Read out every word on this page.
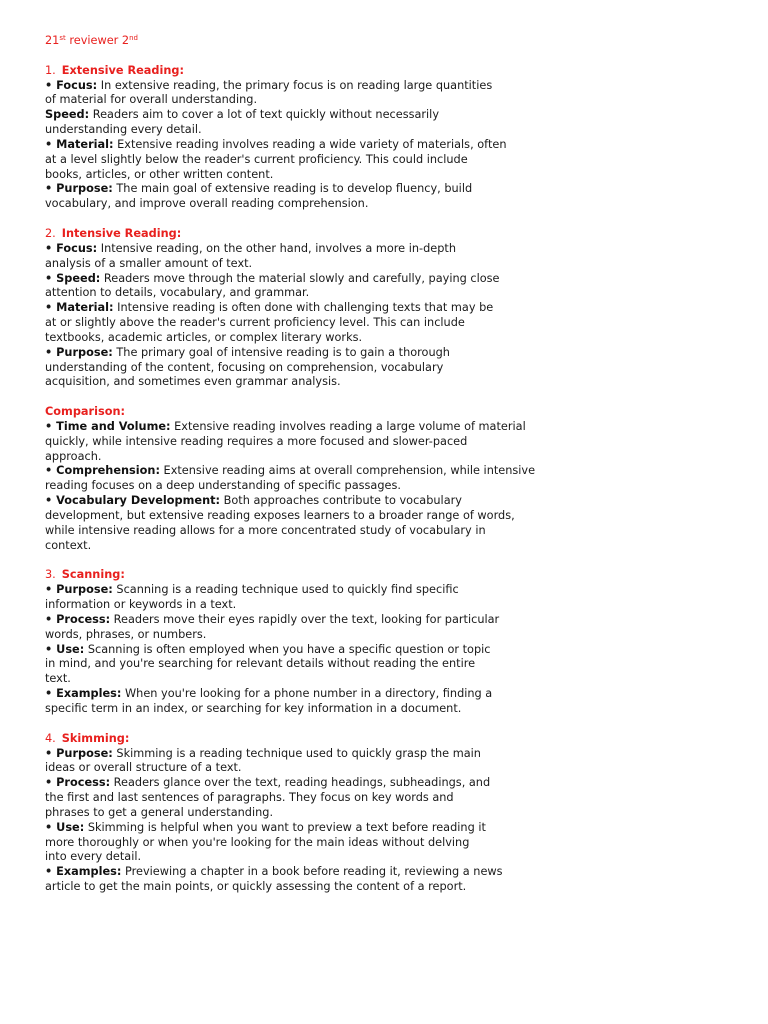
21st reviewer 2nd
1. Extensive Reading:
• Focus: In extensive reading, the primary focus is on reading large quantities
of material for overall understanding.
Speed: Readers aim to cover a lot of text quickly without necessarily
understanding every detail.
• Material: Extensive reading involves reading a wide variety of materials, often
at a level slightly below the reader's current proficiency. This could include
books, articles, or other written content.
• Purpose: The main goal of extensive reading is to develop fluency, build
vocabulary, and improve overall reading comprehension.
2. Intensive Reading:
• Focus: Intensive reading, on the other hand, involves a more in-depth
analysis of a smaller amount of text.
• Speed: Readers move through the material slowly and carefully, paying close
attention to details, vocabulary, and grammar.
• Material: Intensive reading is often done with challenging texts that may be
at or slightly above the reader's current proficiency level. This can include
textbooks, academic articles, or complex literary works.
• Purpose: The primary goal of intensive reading is to gain a thorough
understanding of the content, focusing on comprehension, vocabulary
acquisition, and sometimes even grammar analysis.
Comparison:
• Time and Volume: Extensive reading involves reading a large volume of material
quickly, while intensive reading requires a more focused and slower-paced
approach.
• Comprehension: Extensive reading aims at overall comprehension, while intensive
reading focuses on a deep understanding of specific passages.
• Vocabulary Development: Both approaches contribute to vocabulary
development, but extensive reading exposes learners to a broader range of words,
while intensive reading allows for a more concentrated study of vocabulary in
context.
3. Scanning:
• Purpose: Scanning is a reading technique used to quickly find specific
information or keywords in a text.
• Process: Readers move their eyes rapidly over the text, looking for particular
words, phrases, or numbers.
• Use: Scanning is often employed when you have a specific question or topic
in mind, and you're searching for relevant details without reading the entire
text.
• Examples: When you're looking for a phone number in a directory, finding a
specific term in an index, or searching for key information in a document.
4. Skimming:
• Purpose: Skimming is a reading technique used to quickly grasp the main
ideas or overall structure of a text.
• Process: Readers glance over the text, reading headings, subheadings, and
the first and last sentences of paragraphs. They focus on key words and
phrases to get a general understanding.
• Use: Skimming is helpful when you want to preview a text before reading it
more thoroughly or when you're looking for the main ideas without delving
into every detail.
• Examples: Previewing a chapter in a book before reading it, reviewing a news
article to get the main points, or quickly assessing the content of a report.
